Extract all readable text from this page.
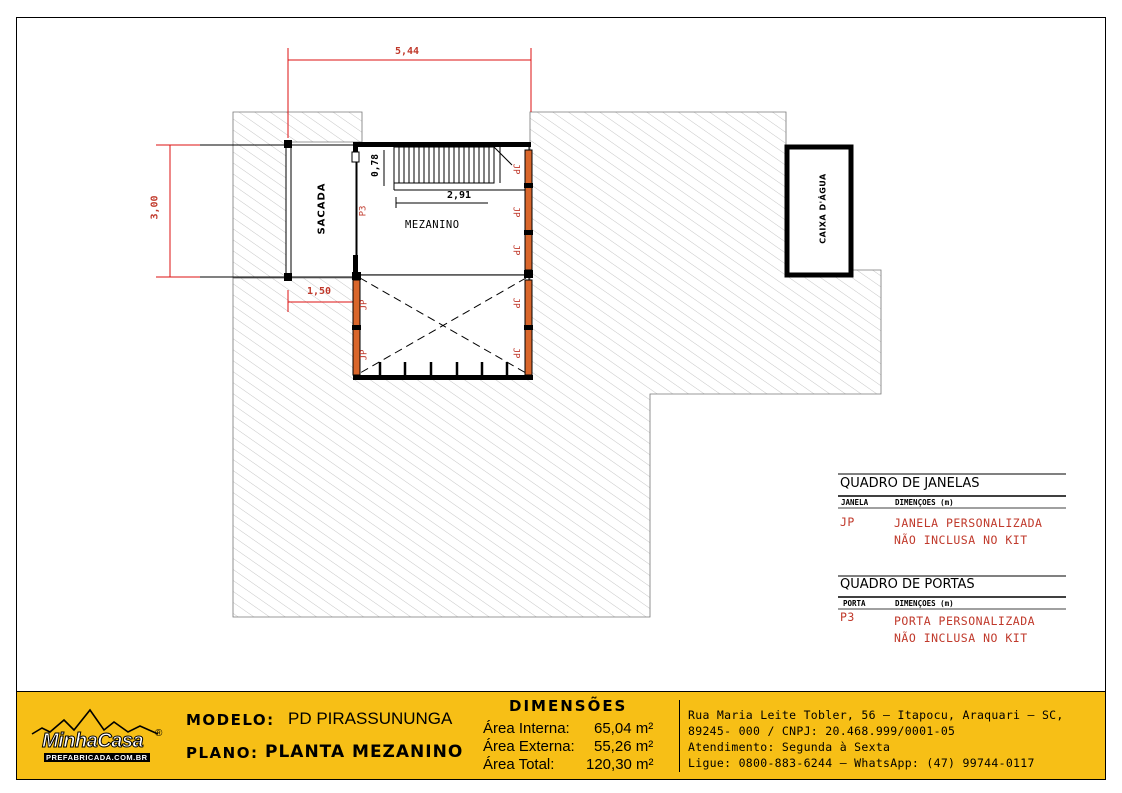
5,44
3,00
1,50
0,78
2,91
SACADA	MEZANINO	CAIXA D'ÁGUA
P3
JP
JP
JP
JP
JP
JP
JP
QUADRO DE JANELAS
JANELA	DIMENÇOES (m)
JP	JANELA PERSONALIZADA
NÃO INCLUSA NO KIT
QUADRO DE PORTAS
PORTA	DIMENÇOES (m)
P3	PORTA PERSONALIZADA
NÃO INCLUSA NO KIT
MinhaCasa ®
PREFABRICADA.COM.BR
MODELO: PD PIRASSUNUNGA
PLANO: PLANTA MEZANINO
DIMENSÕES
Área Interna: 65,04 m²
Área Externa: 55,26 m²
Área Total: 120,30 m²
Rua Maria Leite Tobler, 56 – Itapocu, Araquari – SC,
89245- 000 / CNPJ: 20.468.999/0001-05
Atendimento: Segunda à Sexta
Ligue: 0800-883-6244 – WhatsApp: (47) 99744-0117
